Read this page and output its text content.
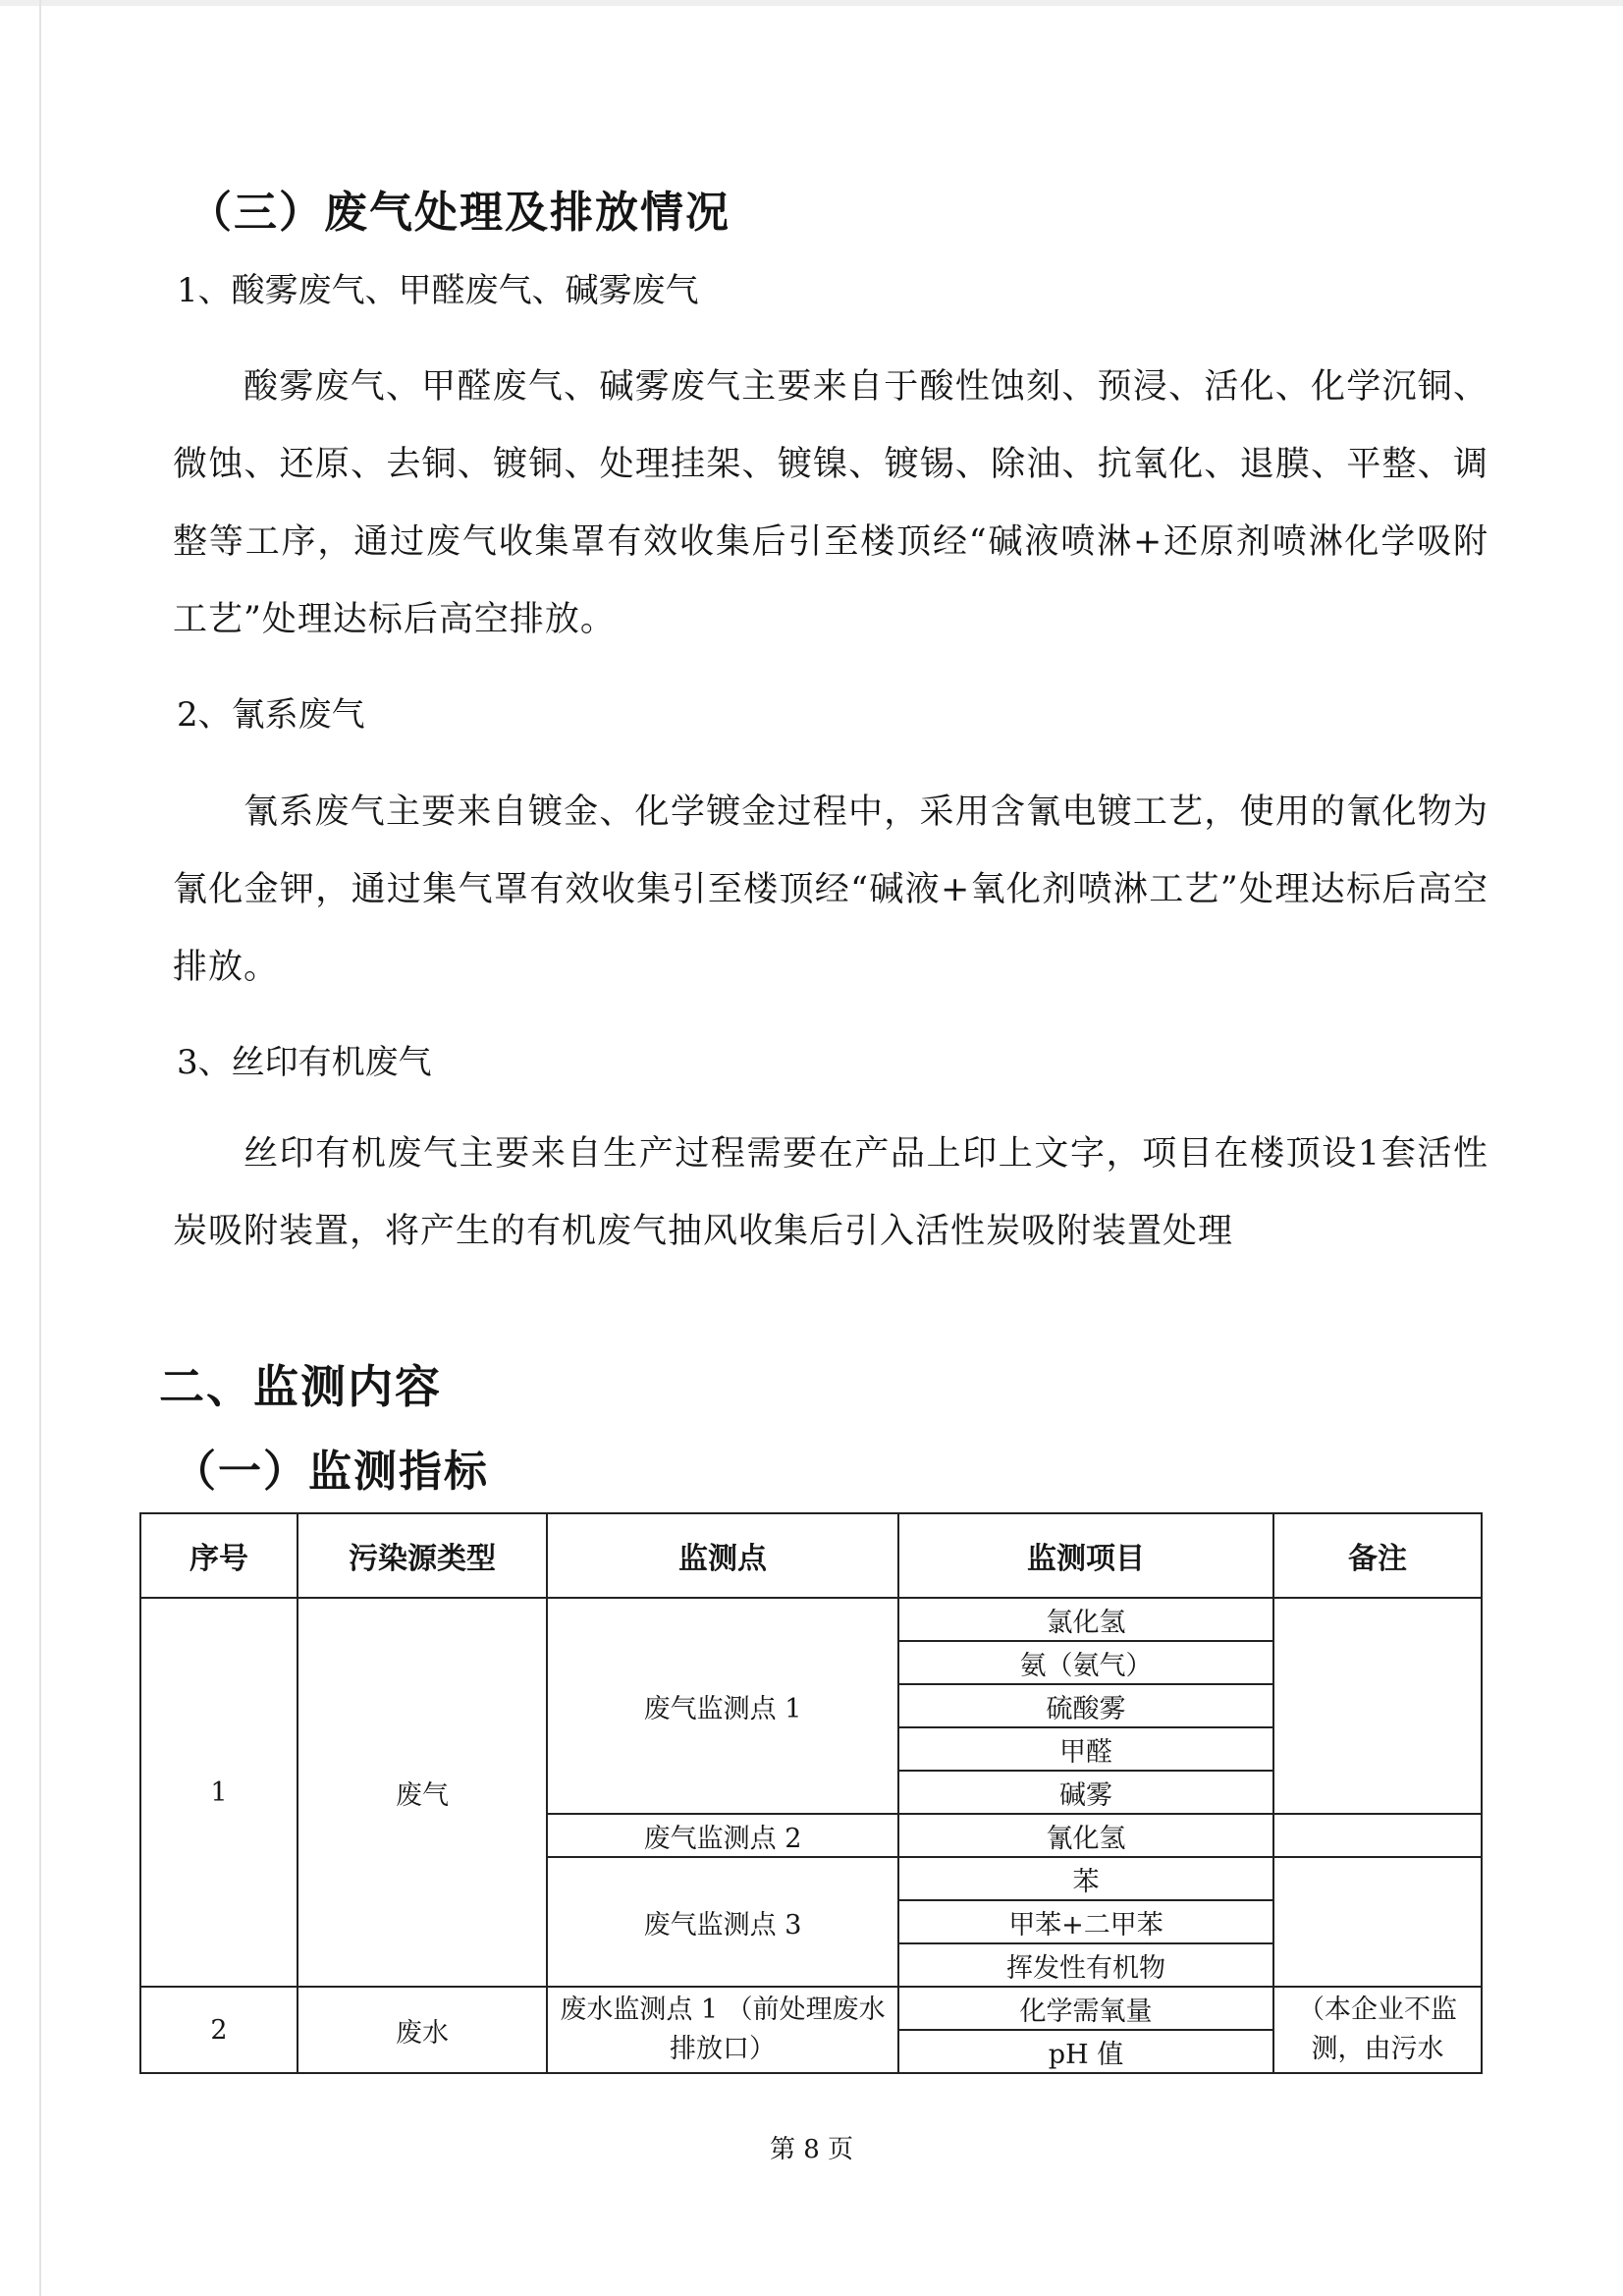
（三）废气处理及排放情况
1、酸雾废气、甲醛废气、碱雾废气
酸雾废气、甲醛废气、碱雾废气主要来自于酸性蚀刻、预浸、活化、化学沉铜、微蚀、还原、去铜、镀铜、处理挂架、镀镍、镀锡、除油、抗氧化、退膜、平整、调整等工序，通过废气收集罩有效收集后引至楼顶经“碱液喷淋+还原剂喷淋化学吸附工艺”处理达标后高空排放。
2、氰系废气
氰系废气主要来自镀金、化学镀金过程中，采用含氰电镀工艺，使用的氰化物为氰化金钾，通过集气罩有效收集引至楼顶经“碱液+氧化剂喷淋工艺”处理达标后高空排放。
3、丝印有机废气
丝印有机废气主要来自生产过程需要在产品上印上文字，项目在楼顶设1套活性炭吸附装置，将产生的有机废气抽风收集后引入活性炭吸附装置处理
二、监测内容
（一）监测指标
序号	污染源类型	监测点	监测项目	备注
1	废气	废气监测点 1	氯化氢	
			氨（氨气）	
			硫酸雾	
			甲醛	
			碱雾	
		废气监测点 2	氰化氢	
		废气监测点 3	苯	
			甲苯+二甲苯	
			挥发性有机物	
2	废水	废水监测点 1 （前处理废水排放口）	化学需氧量	（本企业不监测，由污水
			pH 值	
第 8 页
